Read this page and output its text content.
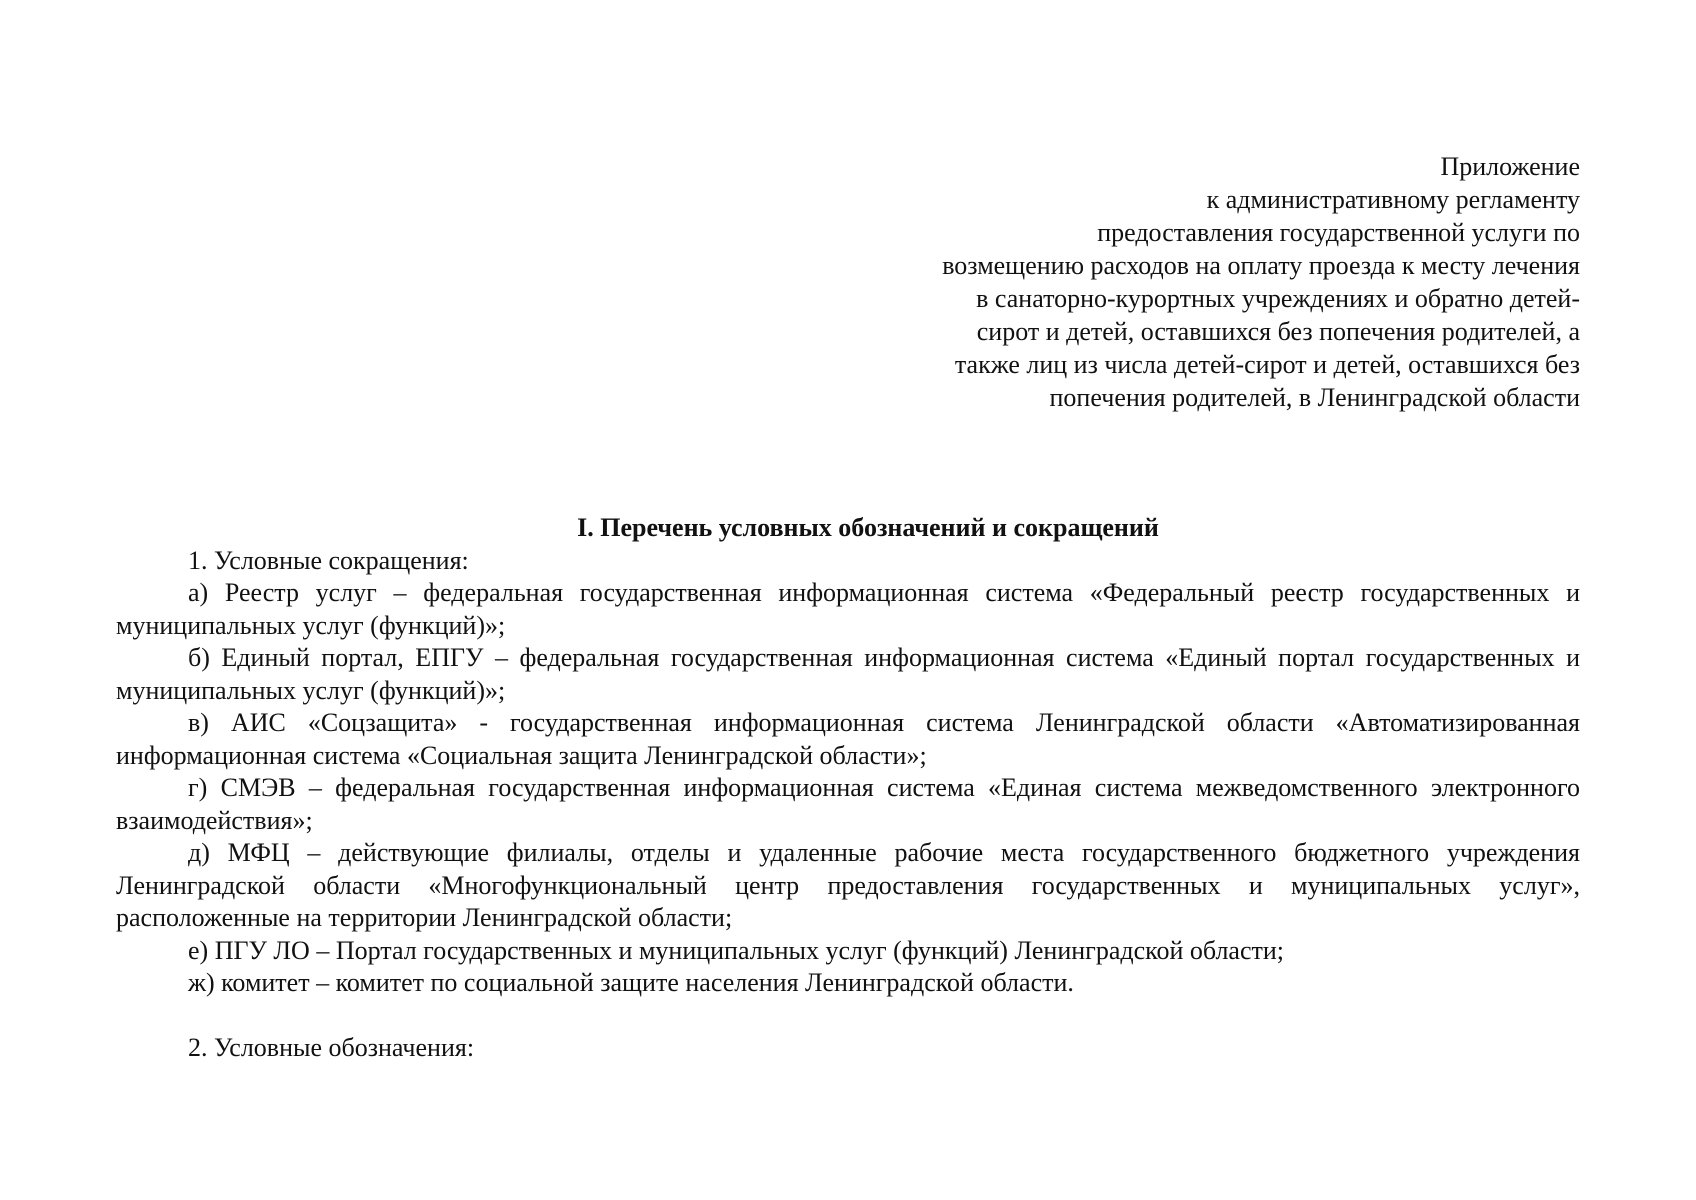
Приложение
к административному регламенту
предоставления государственной услуги по
возмещению расходов на оплату проезда к месту лечения
в санаторно-курортных учреждениях и обратно детей-
сирот и детей, оставшихся без попечения родителей, а
также лиц из числа детей-сирот и детей, оставшихся без
попечения родителей, в Ленинградской области

I. Перечень условных обозначений и сокращений

1. Условные сокращения:

а) Реестр услуг – федеральная государственная информационная система «Федеральный реестр государственных и муниципальных услуг (функций)»;

б) Единый портал, ЕПГУ – федеральная государственная информационная система «Единый портал государственных и муниципальных услуг (функций)»;

в) АИС «Соцзащита» - государственная информационная система Ленинградской области «Автоматизированная информационная система «Социальная защита Ленинградской области»;

г) СМЭВ – федеральная государственная информационная система «Единая система межведомственного электронного взаимодействия»;

д) МФЦ – действующие филиалы, отделы и удаленные рабочие места государственного бюджетного учреждения Ленинградской области «Многофункциональный центр предоставления государственных и муниципальных услуг», расположенные на территории Ленинградской области;

е) ПГУ ЛО – Портал государственных и муниципальных услуг (функций) Ленинградской области;

ж) комитет – комитет по социальной защите населения Ленинградской области.

2. Условные обозначения:
